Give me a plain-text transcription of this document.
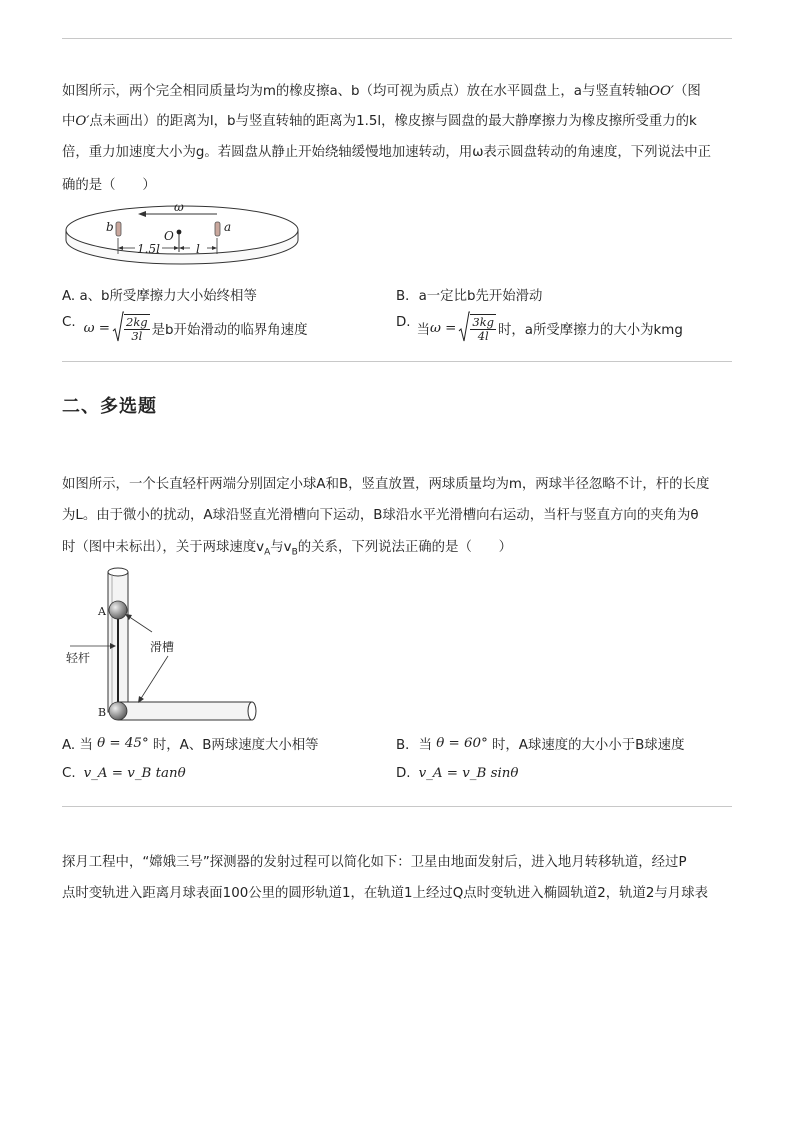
如图所示，两个完全相同质量均为m的橡皮擦a、b（均可视为质点）放在水平圆盘上，a与竖直转轴OO′（图
中O′点未画出）的距离为l，b与竖直转轴的距离为1.5l，橡皮擦与圆盘的最大静摩擦力为橡皮擦所受重力的k
倍，重力加速度大小为g。若圆盘从静止开始绕轴缓慢地加速转动，用ω表示圆盘转动的角速度，下列说法中正
确的是（　　）
ω
b	a
O
1.5l	l
A. a、b所受摩擦力大小始终相等	B．a一定比b先开始滑动
C. $\omega = \frac{2kg}{3l}$ 是b开始滑动的临界角速度
D.
当 $\omega = \frac{3kg}{4l}$ 时，a所受摩擦力的大小为kmg
二、多选题
如图所示，一个长直轻杆两端分别固定小球A和B，竖直放置，两球质量均为m，两球半径忽略不计，杆的长度
为L。由于微小的扰动，A球沿竖直光滑槽向下运动，B球沿水平光滑槽向右运动，当杆与竖直方向的夹角为θ
时（图中未标出），关于两球速度$v_A$与$v_B$的关系，下列说法正确的是（　　）
A
B
轻杆
滑槽
A. 当
θ = 45°
时，A、B两球速度大小相等	B．当
θ = 60°
时，A球速度的大小小于B球速度
C. v_A = v_B tanθ	D. v_A = v_B sinθ
探月工程中，“嫦娥三号”探测器的发射过程可以简化如下：卫星由地面发射后，进入地月转移轨道，经过P
点时变轨进入距离月球表面100公里的圆形轨道1，在轨道1上经过Q点时变轨进入椭圆轨道2，轨道2与月球表
